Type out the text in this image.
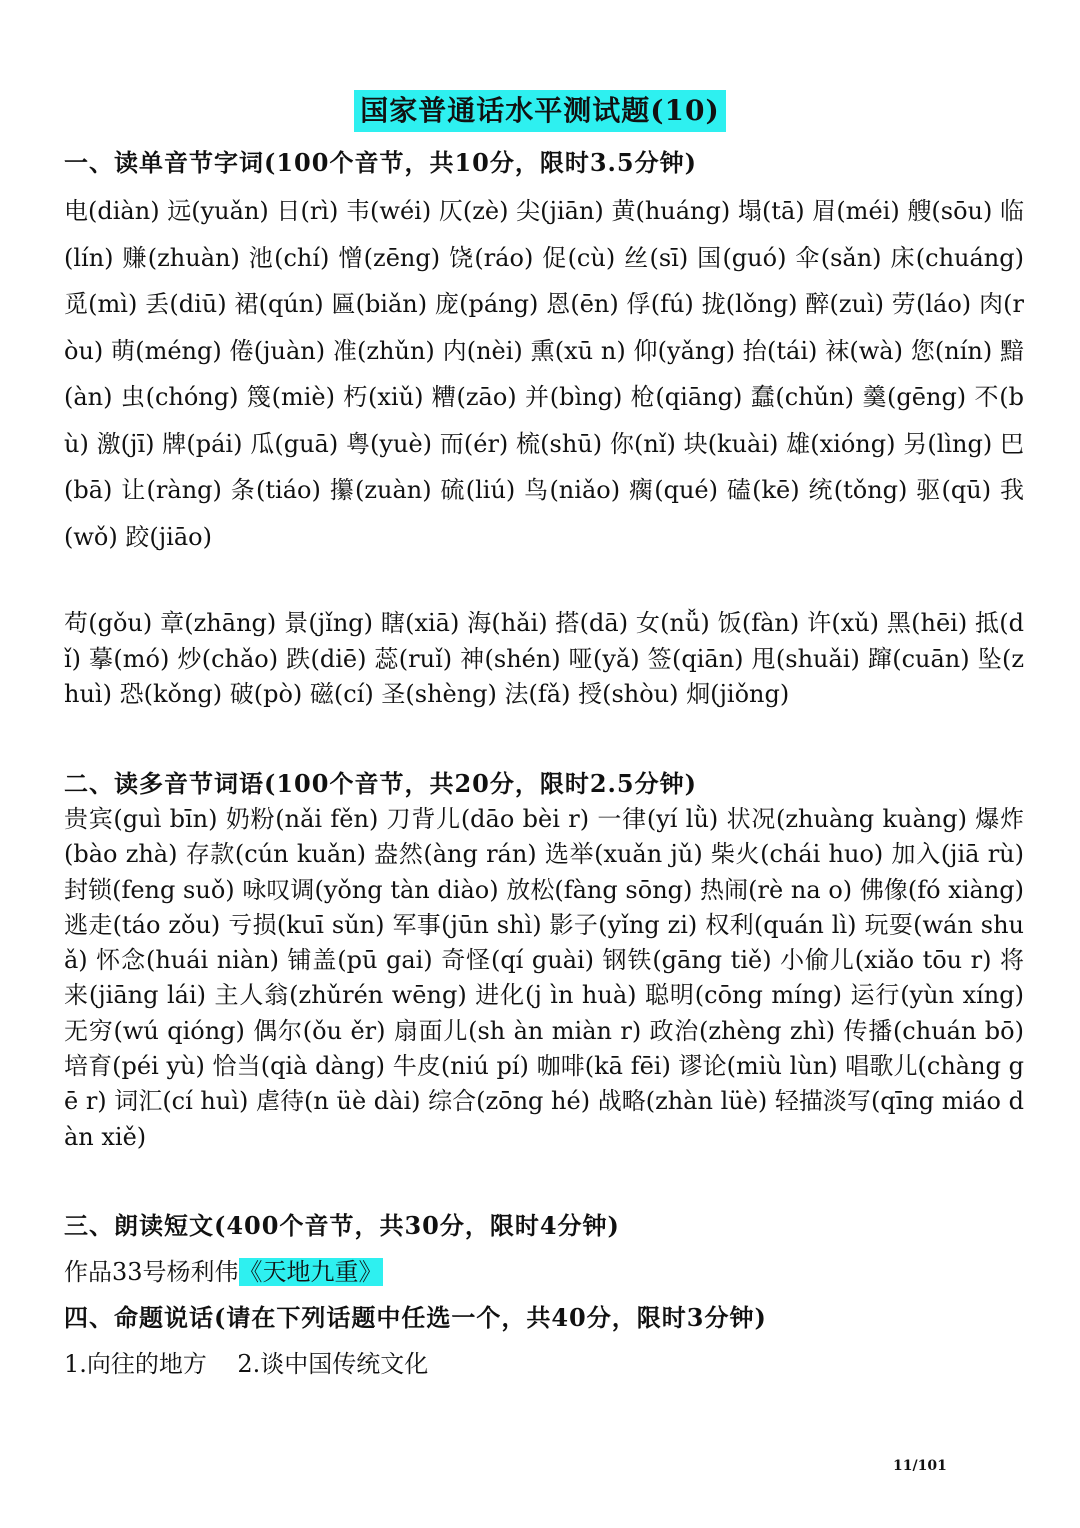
国家普通话水平测试题(10)
一、读单音节字词(100个音节，共10分，限时3.5分钟)
电(diàn) 远(yuǎn) 日(rì) 韦(wéi) 仄(zè) 尖(jiān) 黄(huáng) 塌(tā) 眉(méi) 艘(sōu) 临(lín) 赚(zhuàn) 池(chí) 憎(zēng) 饶(ráo) 促(cù) 丝(sī) 国(guó) 伞(sǎn) 床(chuáng) 觅(mì) 丢(diū) 裙(qún) 匾(biǎn) 庞(páng) 恩(ēn) 俘(fú) 拢(lǒng) 醉(zuì) 劳(láo) 肉(ròu) 萌(méng) 倦(juàn) 准(zhǔn) 内(nèi) 熏(xū n) 仰(yǎng) 抬(tái) 袜(wà) 您(nín) 黯(àn) 虫(chóng) 篾(miè) 朽(xiǔ) 糟(zāo) 并(bìng) 枪(qiāng) 蠢(chǔn) 羹(gēng) 不(bù) 激(jī) 牌(pái) 瓜(guā) 粤(yuè) 而(ér) 梳(shū) 你(nǐ) 块(kuài) 雄(xióng) 另(lìng) 巴(bā) 让(ràng) 条(tiáo) 攥(zuàn) 硫(liú) 鸟(niǎo) 瘸(qué) 磕(kē) 统(tǒng) 驱(qū) 我(wǒ) 跤(jiāo)
苟(gǒu) 章(zhāng) 景(jǐng) 瞎(xiā) 海(hǎi) 搭(dā) 女(nǚ) 饭(fàn) 许(xǔ) 黑(hēi) 抵(dǐ) 摹(mó) 炒(chǎo) 跌(diē) 蕊(ruǐ) 神(shén) 哑(yǎ) 签(qiān) 甩(shuǎi) 蹿(cuān) 坠(zhuì) 恐(kǒng) 破(pò) 磁(cí) 圣(shèng) 法(fǎ) 授(shòu) 炯(jiǒng)
二、读多音节词语(100个音节，共20分，限时2.5分钟)
贵宾(guì bīn) 奶粉(nǎi fěn) 刀背儿(dāo bèi r) 一律(yí lǜ) 状况(zhuàng kuàng) 爆炸(bào zhà) 存款(cún kuǎn) 盎然(àng rán) 选举(xuǎn jǔ) 柴火(chái huo) 加入(jiā rù) 封锁(feng suǒ) 咏叹调(yǒng tàn diào) 放松(fàng sōng) 热闹(rè na o) 佛像(fó xiàng) 逃走(táo zǒu) 亏损(kuī sǔn) 军事(jūn shì) 影子(yǐng zi) 权利(quán lì) 玩耍(wán shuǎ) 怀念(huái niàn) 铺盖(pū gai) 奇怪(qí guài) 钢铁(gāng tiě) 小偷儿(xiǎo tōu r) 将来(jiāng lái) 主人翁(zhǔrén wēng) 进化(j ìn huà) 聪明(cōng míng) 运行(yùn xíng) 无穷(wú qióng) 偶尔(ǒu ěr) 扇面儿(sh àn miàn r) 政治(zhèng zhì) 传播(chuán bō) 培育(péi yù) 恰当(qià dàng) 牛皮(niú pí) 咖啡(kā fēi) 谬论(miù lùn) 唱歌儿(chàng gē r) 词汇(cí huì) 虐待(n üè dài) 综合(zōng hé) 战略(zhàn lüè) 轻描淡写(qīng miáo dàn xiě)
三、朗读短文(400个音节，共30分，限时4分钟)
作品33号杨利伟《天地九重》
四、命题说话(请在下列话题中任选一个，共40分，限时3分钟)
1.向往的地方    2.谈中国传统文化
11/101
